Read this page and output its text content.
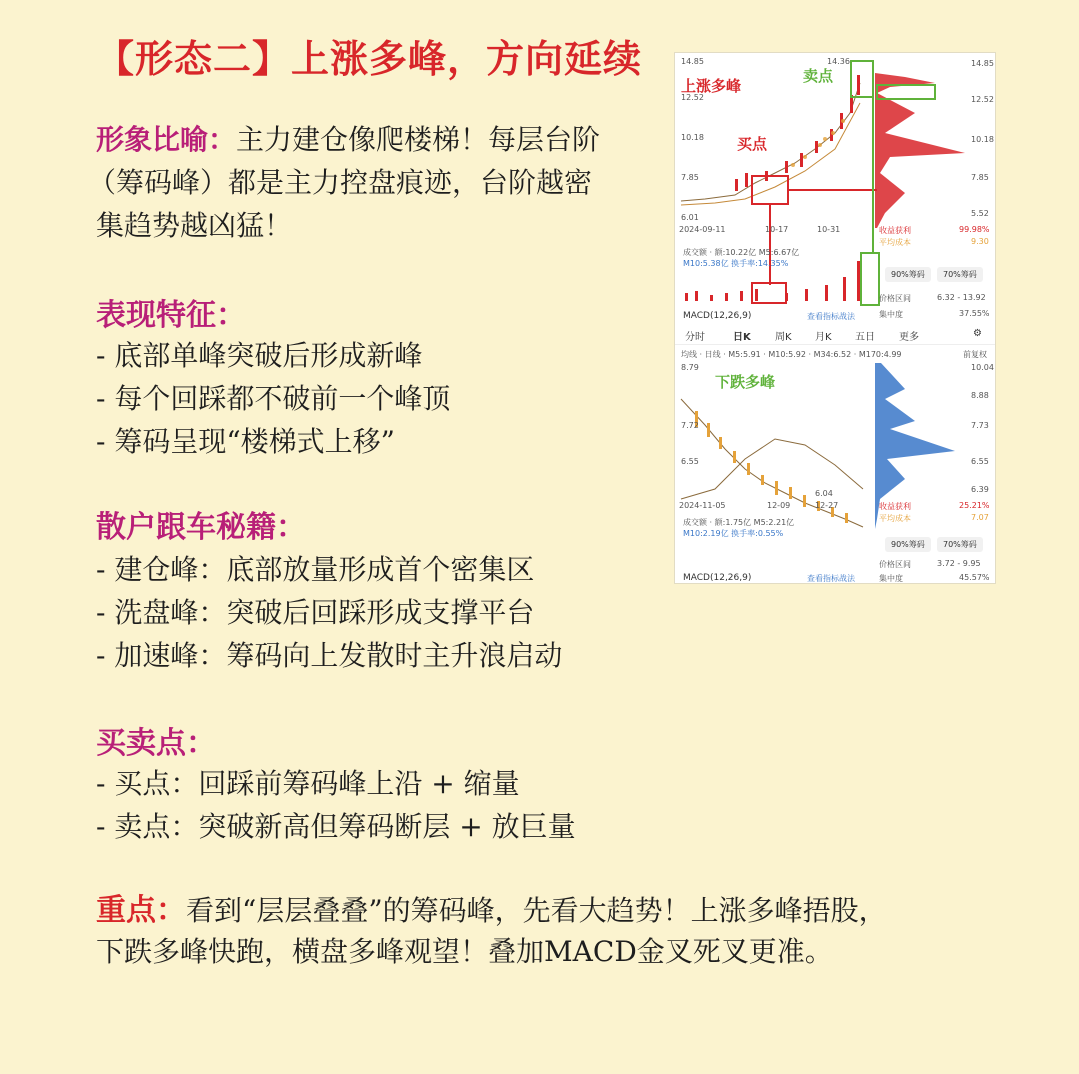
【形态二】上涨多峰，方向延续
形象比喻：主力建仓像爬楼梯！每层台阶
（筹码峰）都是主力控盘痕迹，台阶越密
集趋势越凶猛！
表现特征：
- 底部单峰突破后形成新峰
- 每个回踩都不破前一个峰顶
- 筹码呈现“楼梯式上移”
散户跟车秘籍：
- 建仓峰：底部放量形成首个密集区
- 洗盘峰：突破后回踩形成支撑平台
- 加速峰：筹码向上发散时主升浪启动
买卖点：
- 买点：回踩前筹码峰上沿 + 缩量
- 卖点：突破新高但筹码断层 + 放巨量
重点：看到“层层叠叠”的筹码峰，先看大趋势！上涨多峰捂股，
下跌多峰快跑，横盘多峰观望！叠加MACD金叉死叉更准。
上涨多峰
卖点
买点
14.85
12.52
10.18
7.85
14.36
6.01
14.85
12.52
10.18
7.85
5.52
2024-09-11	10-17	10-31	收益获利	99.98%
平均成本	9.30
成交额 · 额:10.22亿 M5:6.67亿
M10:5.38亿 换手率:14.35%
90%筹码	70%筹码
价格区间	6.32 - 13.92
集中度	37.55%
MACD(12,26,9)	查看指标战法
分时	日K 周K 月K 五日 更多	⚙
均线 · 日线 · M5:5.91 · M10:5.92 · M34:6.52 · M170:4.99	前复权
下跌多峰
8.79
7.72
6.55
6.04
10.04
8.88
7.73
6.55
6.39
2024-11-05	12-09	12-27	收益获利	25.21%
平均成本	7.07
成交额 · 额:1.75亿 M5:2.21亿
M10:2.19亿 换手率:0.55%
90%筹码	70%筹码
价格区间	3.72 - 9.95
集中度	45.57%
MACD(12,26,9)	查看指标战法
